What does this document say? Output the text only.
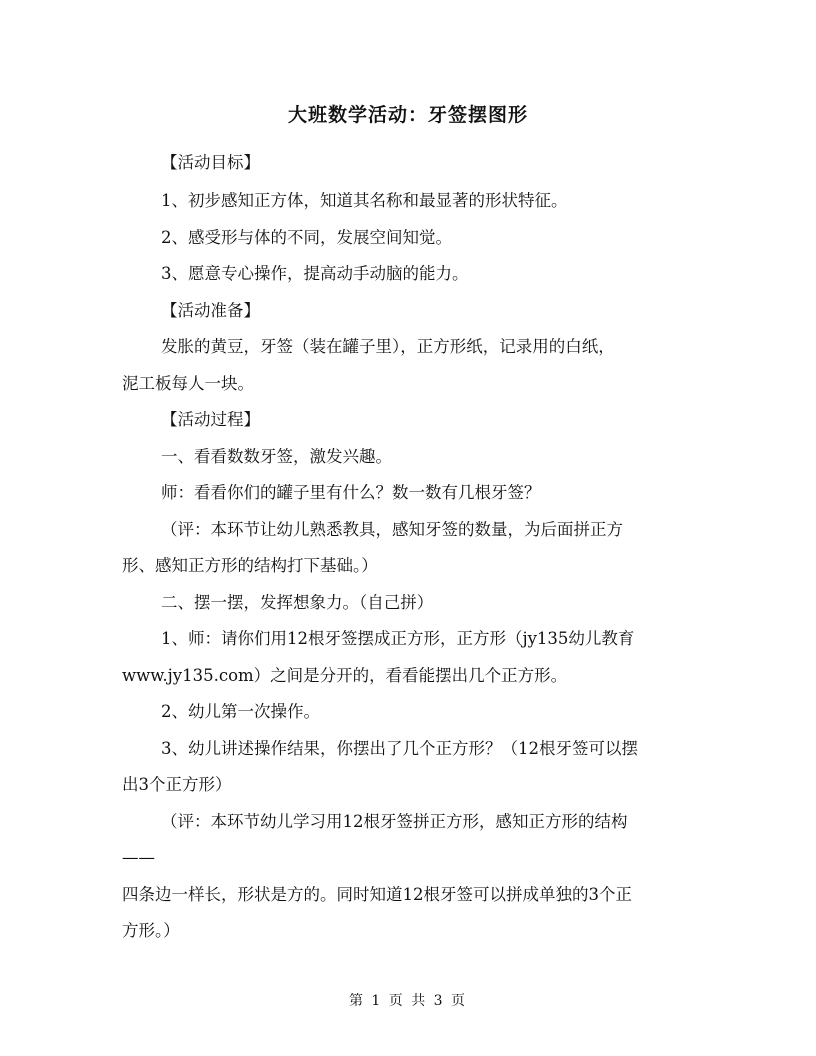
大班数学活动：牙签摆图形
【活动目标】
1、初步感知正方体，知道其名称和最显著的形状特征。
2、感受形与体的不同，发展空间知觉。
3、愿意专心操作，提高动手动脑的能力。
【活动准备】
发胀的黄豆，牙签（装在罐子里），正方形纸，记录用的白纸，
泥工板每人一块。
【活动过程】
一、看看数数牙签，激发兴趣。
师：看看你们的罐子里有什么？数一数有几根牙签？
（评：本环节让幼儿熟悉教具，感知牙签的数量，为后面拼正方
形、感知正方形的结构打下基础。）
二、摆一摆，发挥想象力。（自己拼）
1、师：请你们用12根牙签摆成正方形，正方形（jy135幼儿教育
www.jy135.com）之间是分开的，看看能摆出几个正方形。
2、幼儿第一次操作。
3、幼儿讲述操作结果，你摆出了几个正方形？（12根牙签可以摆
出3个正方形）
（评：本环节幼儿学习用12根牙签拼正方形，感知正方形的结构
——
四条边一样长，形状是方的。同时知道12根牙签可以拼成单独的3个正
方形。）
第 1 页 共 3 页
